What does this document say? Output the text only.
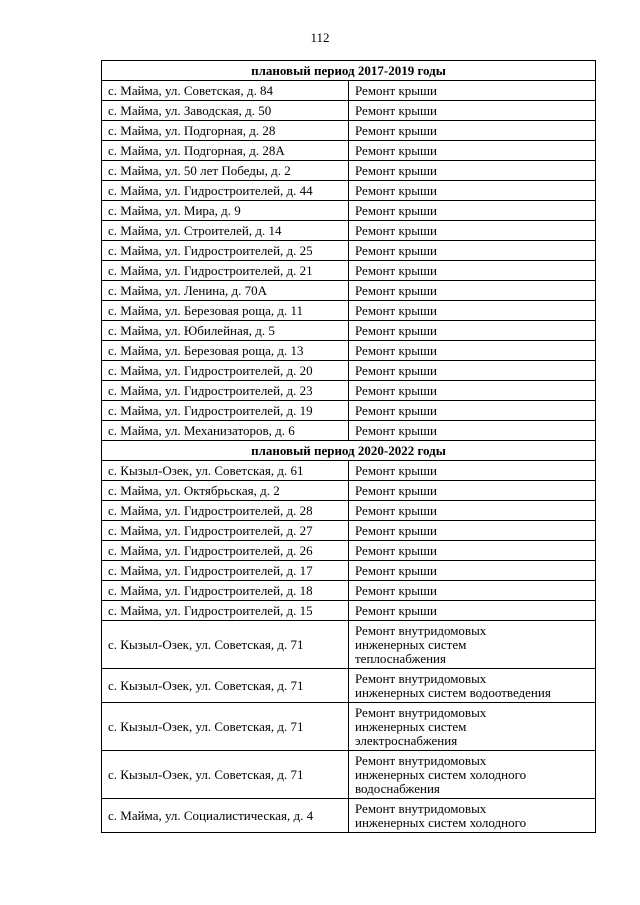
112
плановый период 2017-2019 годы	
с. Майма, ул. Советская, д. 84	Ремонт крыши
с. Майма, ул. Заводская, д. 50	Ремонт крыши
с. Майма, ул. Подгорная, д. 28	Ремонт крыши
с. Майма, ул. Подгорная, д. 28А	Ремонт крыши
с. Майма, ул. 50 лет Победы, д. 2	Ремонт крыши
с. Майма, ул. Гидростроителей, д. 44	Ремонт крыши
с. Майма, ул. Мира, д. 9	Ремонт крыши
с. Майма, ул. Строителей, д. 14	Ремонт крыши
с. Майма, ул. Гидростроителей, д. 25	Ремонт крыши
с. Майма, ул. Гидростроителей, д. 21	Ремонт крыши
с. Майма, ул. Ленина, д. 70А	Ремонт крыши
с. Майма, ул. Березовая роща, д. 11	Ремонт крыши
с. Майма, ул. Юбилейная, д. 5	Ремонт крыши
с. Майма, ул. Березовая роща, д. 13	Ремонт крыши
с. Майма, ул. Гидростроителей, д. 20	Ремонт крыши
с. Майма, ул. Гидростроителей, д. 23	Ремонт крыши
с. Майма, ул. Гидростроителей, д. 19	Ремонт крыши
с. Майма, ул. Механизаторов, д. 6	Ремонт крыши
плановый период 2020-2022 годы	
с. Кызыл-Озек, ул. Советская, д. 61	Ремонт крыши
с. Майма, ул. Октябрьская, д. 2	Ремонт крыши
с. Майма, ул. Гидростроителей, д. 28	Ремонт крыши
с. Майма, ул. Гидростроителей, д. 27	Ремонт крыши
с. Майма, ул. Гидростроителей, д. 26	Ремонт крыши
с. Майма, ул. Гидростроителей, д. 17	Ремонт крыши
с. Майма, ул. Гидростроителей, д. 18	Ремонт крыши
с. Майма, ул. Гидростроителей, д. 15	Ремонт крыши
с. Кызыл-Озек, ул. Советская, д. 71	Ремонт внутридомовых
инженерных систем
теплоснабжения
с. Кызыл-Озек, ул. Советская, д. 71	Ремонт внутридомовых
инженерных систем водоотведения
с. Кызыл-Озек, ул. Советская, д. 71	Ремонт внутридомовых
инженерных систем
электроснабжения
с. Кызыл-Озек, ул. Советская, д. 71	Ремонт внутридомовых
инженерных систем холодного
водоснабжения
с. Майма, ул. Социалистическая, д. 4	Ремонт внутридомовых
инженерных систем холодного
